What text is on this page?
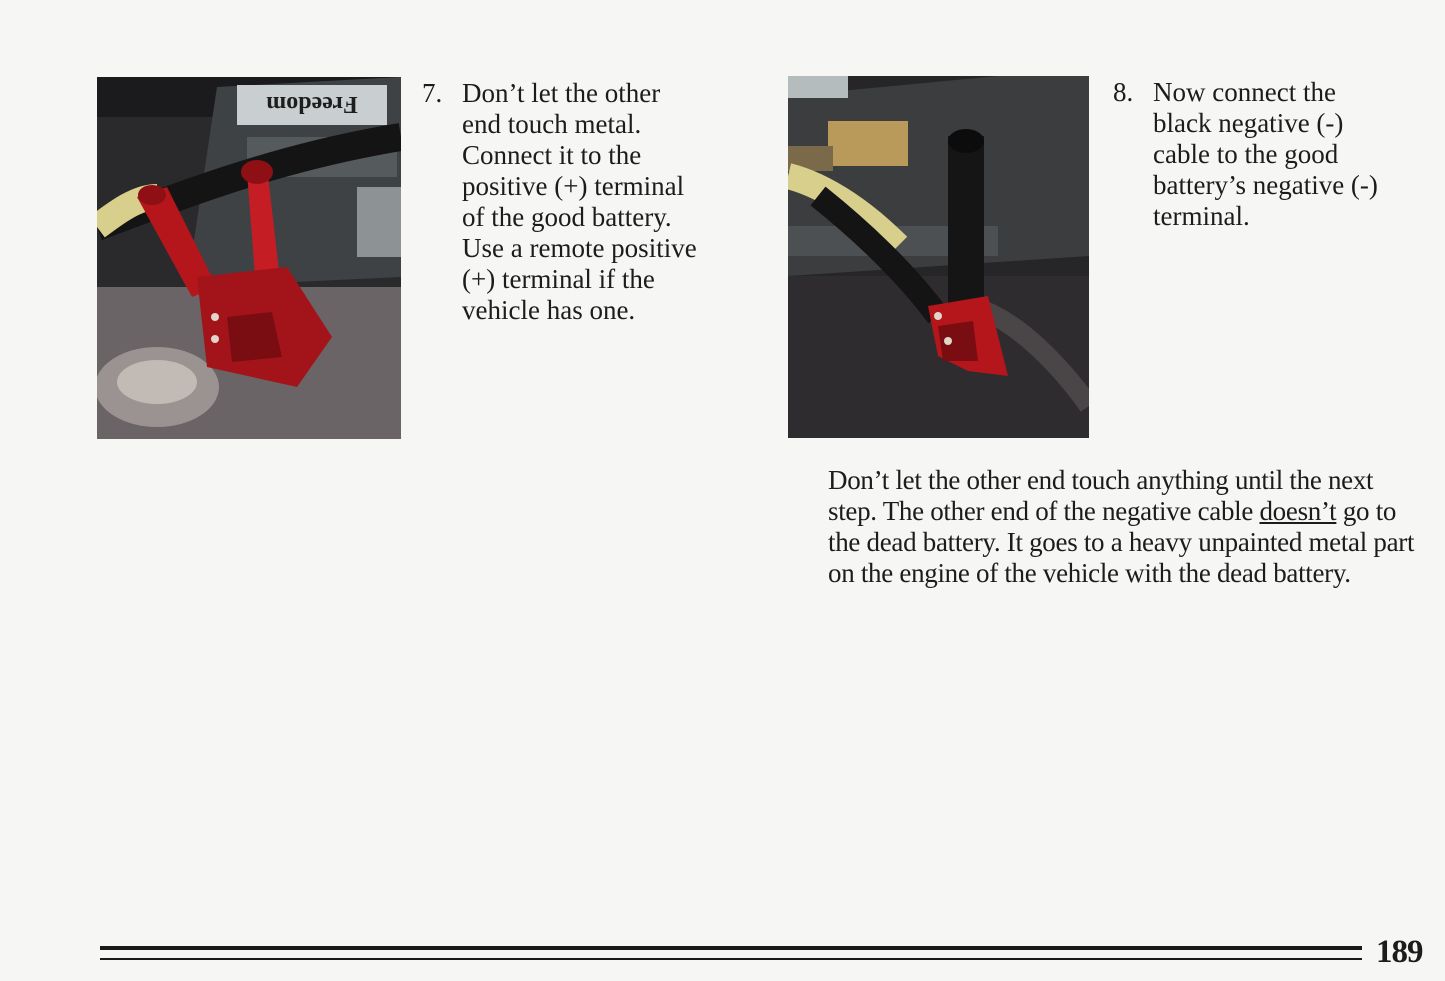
Freedom 7. Don’t let the other end touch metal. Connect it to the positive (+) terminal of the good battery. Use a remote positive (+) terminal if the vehicle has one.
8. Now connect the black negative (-) cable to the good battery’s negative (-) terminal.
Don’t let the other end touch anything until the next step. The other end of the negative cable doesn’t go to the dead battery. It goes to a heavy unpainted metal part on the engine of the vehicle with the dead battery.
189
